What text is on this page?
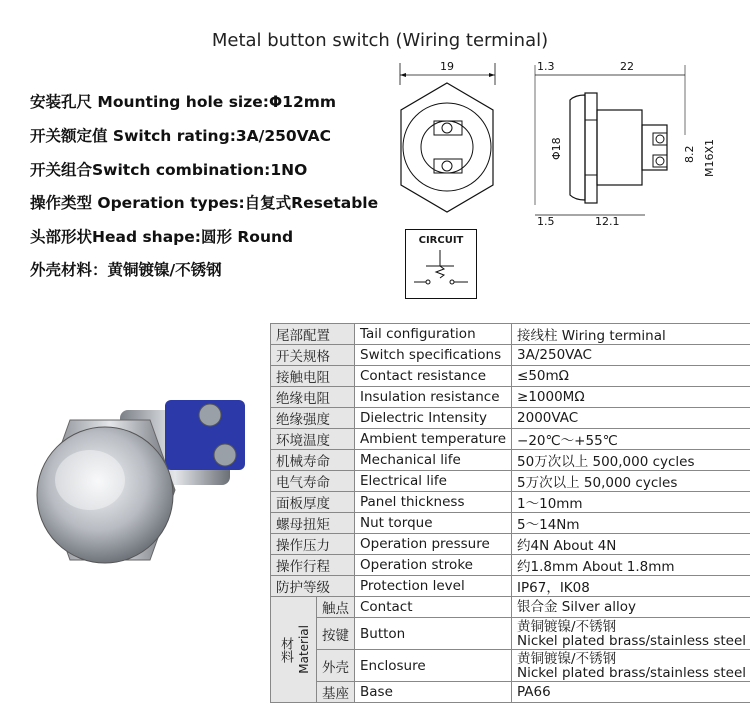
Metal button switch (Wiring terminal)
安装孔尺 Mounting hole size:Φ12mm
开关额定值 Switch rating:3A/250VAC
开关组合Switch combination:1NO
操作类型 Operation types:自复式Resetable
头部形状Head shape:圆形 Round
外壳材料：黄铜镀镍/不锈钢
19	1.3	22
Φ18	8.2 M16X1
1.5	12.1
CIRCUIT
尾部配置		Tail configuration	接线柱 Wiring terminal
开关规格		Switch specifications	3A/250VAC
接触电阻		Contact resistance	≤50mΩ
绝缘电阻		Insulation resistance	≥1000MΩ
绝缘强度		Dielectric Intensity	2000VAC
环境温度		Ambient temperature	−20℃～+55℃
机械寿命		Mechanical life	50万次以上 500,000 cycles
电气寿命		Electrical life	5万次以上 50,000 cycles
面板厚度		Panel thickness	1～10mm
螺母扭矩		Nut torque	5～14Nm
操作压力		Operation pressure	约4N About 4N
操作行程		Operation stroke	约1.8mm About 1.8mm
防护等级		Protection level	IP67，IK08

材料 Material	触点	Contact	银合金 Silver alloy

	按键	Button	黄铜镀镍/不锈钢
Nickel plated brass/stainless steel

	外壳	Enclosure	黄铜镀镍/不锈钢
Nickel plated brass/stainless steel

	基座	Base	PA66
